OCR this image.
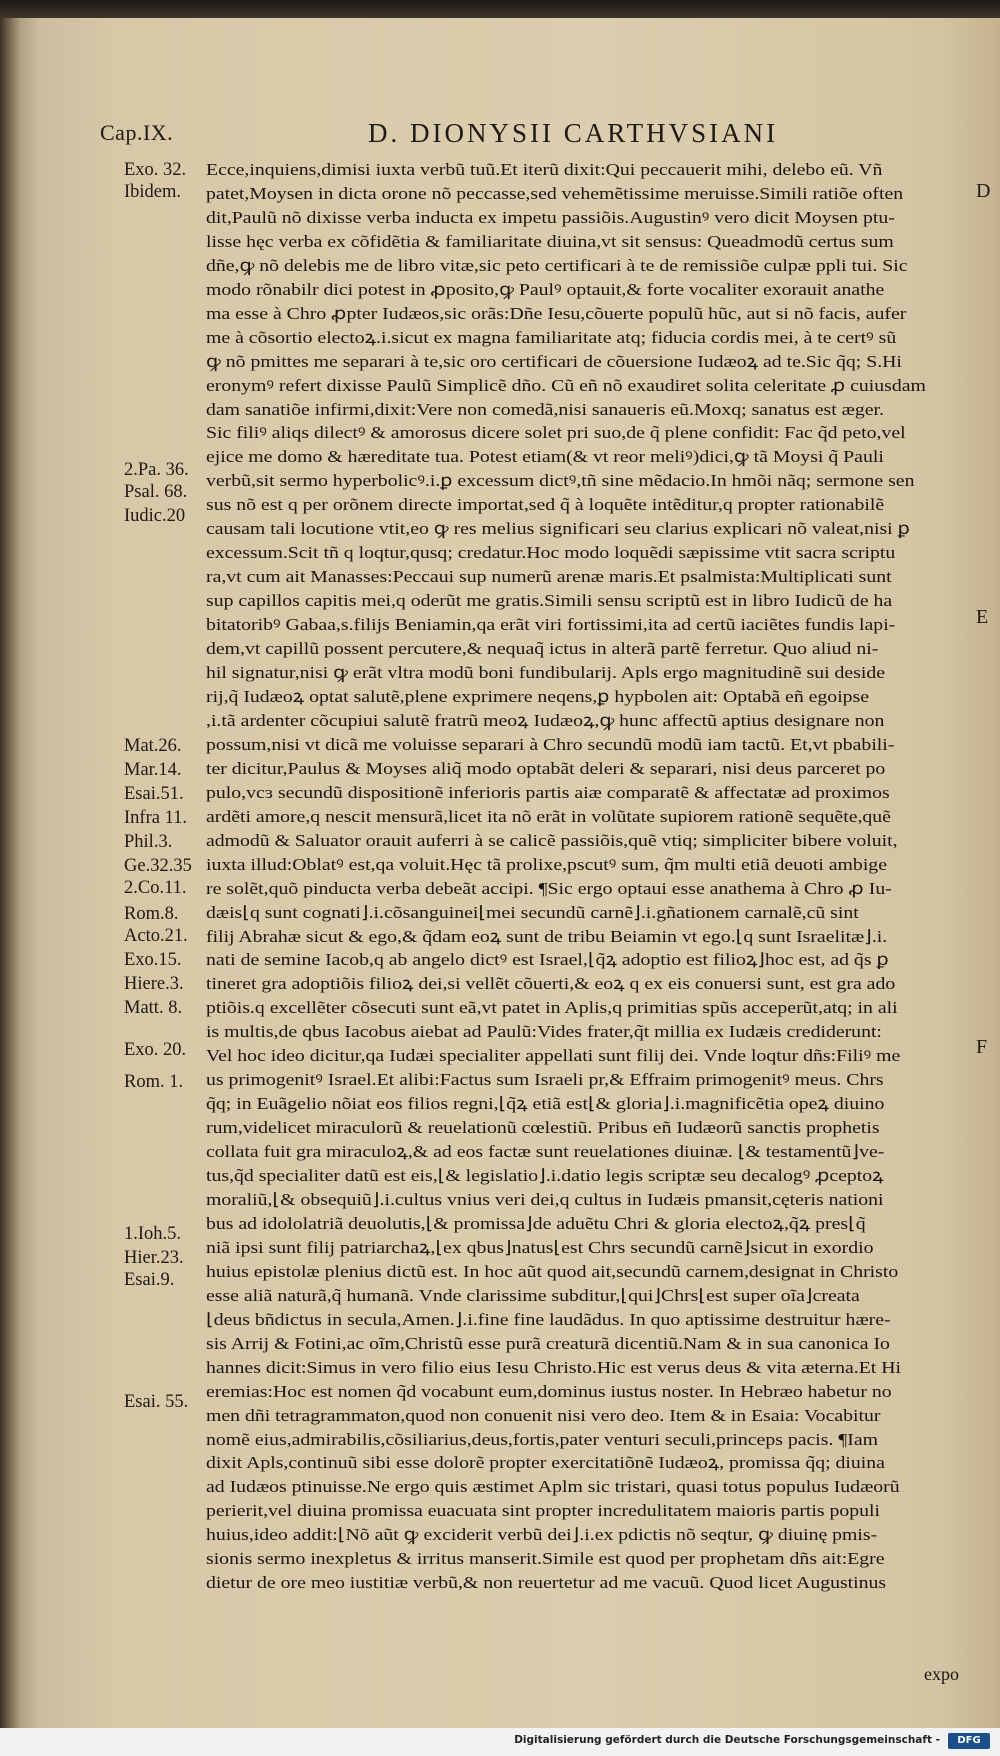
Cap.IX.	D. DIONYSII CARTHVSIANI
Exo. 32.
Ibidem.
2.Pa. 36.
Psal. 68.
Iudic.20
Mat.26.
Mar.14.
Esai.51.
Infra 11.
Phil.3.
Ge.32.35
2.Co.11.
Rom.8.
Acto.21.
Exo.15.
Hiere.3.
Matt. 8.
Exo. 20.
Rom. 1.
1.Ioh.5.
Hier.23.
Esai.9.
Esai. 55.
D
E
F
Ecce,inquiens,dimisi iuxta verbũ tuũ.Et iterũ dixit:Qui peccauerit mihi, delebo eũ. Vñ
patet,Moysen in dicta orone nõ peccasse,sed vehemẽtissime meruisse.Simili ratiõe often
dit,Paulũ nõ dixisse verba inducta ex impetu passiõis.Augustinꝰ vero dicit Moysen ptu-
lisse hęc verba ex cõfidẽtia & familiaritate diuina,vt sit sensus: Queadmodũ certus sum
dñe,ꝙ nõ delebis me de libro vitæ,sic peto certificari à te de remissiõe culpæ ppli tui. Sic
modo rõnabilr dici potest in ꝓposito,ꝙ Paulꝰ optauit,& forte vocaliter exorauit anathe
ma esse à Chro ꝓpter Iudæos,sic orãs:Dñe Iesu,cõuerte populũ hũc, aut si nõ facis, aufer
me à cõsortio electoꝝ.i.sicut ex magna familiaritate atq; fiducia cordis mei, à te certꝰ sũ
ꝙ nõ pmittes me separari à te,sic oro certificari de cõuersione Iudæoꝝ ad te.Sic q̃q; S.Hi
eronymꝰ refert dixisse Paulũ Simplicẽ dño. Cũ eñ nõ exaudiret solita celeritate ꝓ cuiusdam
dam sanatiõe infirmi,dixit:Vere non comedã,nisi sanaueris eũ.Moxq; sanatus est æger.
Sic filiꝰ aliqs dilectꝰ & amorosus dicere solet pri suo,de q̃ plene confidit: Fac q̃d peto,vel
ejice me domo & hæreditate tua. Potest etiam(& vt reor meliꝰ)dici,ꝙ tã Moysi q̃ Pauli
verbũ,sit sermo hyperbolicꝰ.i.ꝑ excessum dictꝰ,tñ sine mẽdacio.In hmõi nãq; sermone sen
sus nõ est q per orõnem directe importat,sed q̃ à loquẽte intẽditur,q propter rationabilẽ
causam tali locutione vtit,eo ꝙ res melius significari seu clarius explicari nõ valeat,nisi ꝑ
excessum.Scit tñ q loqtur,qusq; credatur.Hoc modo loquẽdi sæpissime vtit sacra scriptu
ra,vt cum ait Manasses:Peccaui sup numerũ arenæ maris.Et psalmista:Multiplicati sunt
sup capillos capitis mei,q oderũt me gratis.Simili sensu scriptũ est in libro Iudicũ de ha
bitatoribꝰ Gabaa,s.filijs Beniamin,qa erãt viri fortissimi,ita ad certũ iaciẽtes fundis lapi-
dem,vt capillũ possent percutere,& nequaq̃ ictus in alterã partẽ ferretur. Quo aliud ni-
hil signatur,nisi ꝙ erãt vltra modũ boni fundibularij. Apls ergo magnitudinẽ sui deside
rij,q̃ Iudæoꝝ optat salutẽ,plene exprimere neqens,ꝑ hypbolen ait: Optabã eñ egoipse
,i.tã ardenter cõcupiui salutẽ fratrũ meoꝝ Iudæoꝝ,ꝙ hunc affectũ aptius designare non
possum,nisi vt dicã me voluisse separari à Chro secundũ modũ iam tactũ. Et,vt pbabili-
ter dicitur,Paulus & Moyses aliq̃ modo optabãt deleri & separari, nisi deus parceret po
pulo,vcɜ secundũ dispositionẽ inferioris partis aiæ comparatẽ & affectatæ ad proximos
ardẽti amore,q nescit mensurã,licet ita nõ erãt in volũtate supiorem rationẽ sequẽte,quẽ
admodũ & Saluator orauit auferri à se calicẽ passiõis,quẽ vtiq; simpliciter bibere voluit,
iuxta illud:Oblatꝰ est,qa voluit.Hęc tã prolixe,pscutꝰ sum, q̃m multi etiã deuoti ambige
re solẽt,quõ pinducta verba debeãt accipi. ¶Sic ergo optaui esse anathema à Chro ꝓ Iu-
dæis⌊q sunt cognati⌋.i.cõsanguinei⌊mei secundũ carnẽ⌋.i.gñationem carnalẽ,cũ sint
filij Abrahæ sicut & ego,& q̃dam eoꝝ sunt de tribu Beiamin vt ego.⌊q sunt Israelitæ⌋.i.
nati de semine Iacob,q ab angelo dictꝰ est Israel,⌊q̃ꝝ adoptio est filioꝝ⌋hoc est, ad q̃s ꝑ
tineret gra adoptiõis filioꝝ dei,si vellẽt cõuerti,& eoꝝ q ex eis conuersi sunt, est gra ado
ptiõis.q excellẽter cõsecuti sunt eã,vt patet in Aplis,q primitias spũs acceperũt,atq; in ali
is multis,de qbus Iacobus aiebat ad Paulũ:Vides frater,q̃t millia ex Iudæis crediderunt:
Vel hoc ideo dicitur,qa Iudæi specialiter appellati sunt filij dei. Vnde loqtur dñs:Filiꝰ me
us primogenitꝰ Israel.Et alibi:Factus sum Israeli pr,& Effraim primogenitꝰ meus. Chrs
q̃q; in Euãgelio nõiat eos filios regni,⌊q̃ꝝ etiã est⌊& gloria⌋.i.magnificẽtia opeꝝ diuino
rum,videlicet miraculorũ & reuelationũ cœlestiũ. Pribus eñ Iudæorũ sanctis prophetis
collata fuit gra miraculoꝝ,& ad eos factæ sunt reuelationes diuinæ. ⌊& testamentũ⌋ve-
tus,q̃d specialiter datũ est eis,⌊& legislatio⌋.i.datio legis scriptæ seu decalogꝰ ꝓceptoꝝ
moraliũ,⌊& obsequiũ⌋.i.cultus vnius veri dei,q cultus in Iudæis pmansit,cęteris nationi
bus ad idololatriã deuolutis,⌊& promissa⌋de aduẽtu Chri & gloria electoꝝ,q̃ꝝ pres⌊q̃
niã ipsi sunt filij patriarchaꝝ,⌊ex qbus⌋natus⌊est Chrs secundũ carnẽ⌋sicut in exordio
huius epistolæ plenius dictũ est. In hoc aũt quod ait,secundũ carnem,designat in Christo
esse aliã naturã,q̃ humanã. Vnde clarissime subditur,⌊qui⌋Chrs⌊est super oĩa⌋creata
⌊deus bñdictus in secula,Amen.⌋.i.fine fine laudãdus. In quo aptissime destruitur hære-
sis Arrij & Fotini,ac oĩm,Christũ esse purã creaturã dicentiũ.Nam & in sua canonica Io
hannes dicit:Simus in vero filio eius Iesu Christo.Hic est verus deus & vita æterna.Et Hi
eremias:Hoc est nomen q̃d vocabunt eum,dominus iustus noster. In Hebræo habetur no
men dñi tetragrammaton,quod non conuenit nisi vero deo. Item & in Esaia: Vocabitur
nomẽ eius,admirabilis,cõsiliarius,deus,fortis,pater venturi seculi,princeps pacis. ¶Iam
dixit Apls,continuũ sibi esse dolorẽ propter exercitatiõnẽ Iudæoꝝ, promissa q̃q; diuina
ad Iudæos ptinuisse.Ne ergo quis æstimet Aplm sic tristari, quasi totus populus Iudæorũ
perierit,vel diuina promissa euacuata sint propter incredulitatem maioris partis populi
huius,ideo addit:⌊Nõ aũt ꝙ exciderit verbũ dei⌋.i.ex pdictis nõ seqtur, ꝙ diuinę pmis-
sionis sermo inexpletus & irritus manserit.Simile est quod per prophetam dñs ait:Egre
dietur de ore meo iustitiæ verbũ,& non reuertetur ad me vacuũ. Quod licet Augustinus
expo
Digitalisierung gefördert durch die Deutsche Forschungsgemeinschaft -	DFG
